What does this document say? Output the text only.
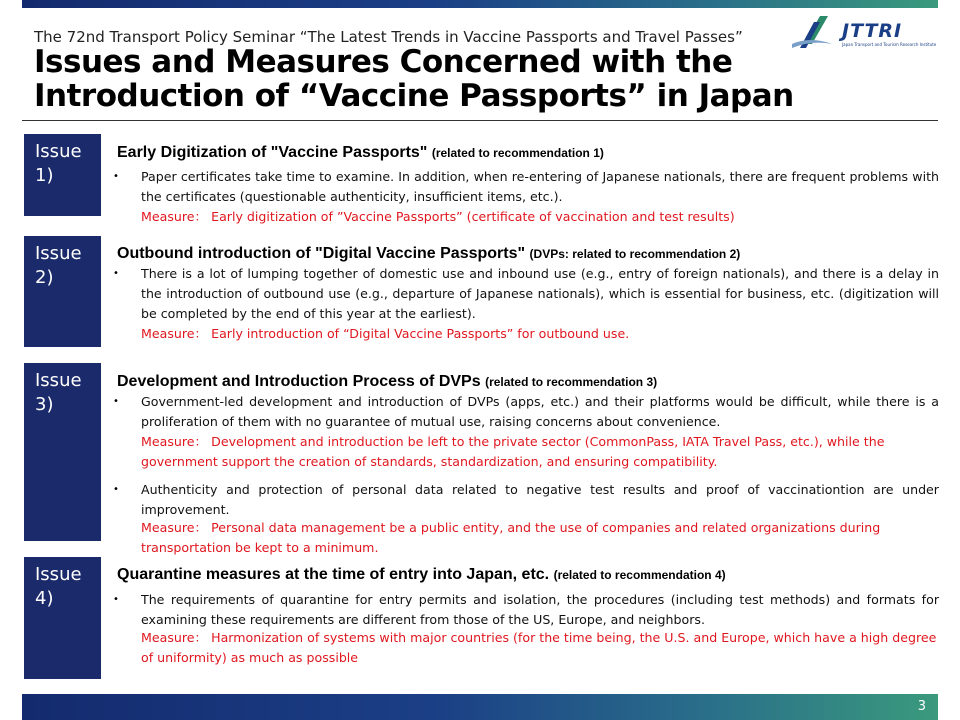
The 72nd Transport Policy Seminar “The Latest Trends in Vaccine Passports and Travel Passes”
Issues and Measures Concerned with the Introduction of “Vaccine Passports” in Japan
JTTRI
Japan Transport and Tourism Research Institute
Issue 1)
Early Digitization of "Vaccine Passports" (related to recommendation 1)
• Paper certificates take time to examine. In addition, when re-entering of Japanese nationals, there are frequent problems with the certificates (questionable authenticity, insufficient items, etc.).
Measure： Early digitization of ”Vaccine Passports” (certificate of vaccination and test results)
Issue 2)
Outbound introduction of "Digital Vaccine Passports" (DVPs: related to recommendation 2)
• There is a lot of lumping together of domestic use and inbound use (e.g., entry of foreign nationals), and there is a delay in the introduction of outbound use (e.g., departure of Japanese nationals), which is essential for business, etc. (digitization will be completed by the end of this year at the earliest).
Measure： Early introduction of “Digital Vaccine Passports” for outbound use.
Issue 3)
Development and Introduction Process of DVPs (related to recommendation 3)
• Government-led development and introduction of DVPs (apps, etc.) and their platforms would be difficult, while there is a proliferation of them with no guarantee of mutual use, raising concerns about convenience.
Measure： Development and introduction be left to the private sector (CommonPass, IATA Travel Pass, etc.), while the government support the creation of standards, standardization, and ensuring compatibility.
• Authenticity and protection of personal data related to negative test results and proof of vaccinationtion are under improvement.
Measure： Personal data management be a public entity, and the use of companies and related organizations during transportation be kept to a minimum.
Issue 4)
Quarantine measures at the time of entry into Japan, etc. (related to recommendation 4)
• The requirements of quarantine for entry permits and isolation, the procedures (including test methods) and formats for examining these requirements are different from those of the US, Europe, and neighbors.
Measure： Harmonization of systems with major countries (for the time being, the U.S. and Europe, which have a high degree of uniformity) as much as possible
3
